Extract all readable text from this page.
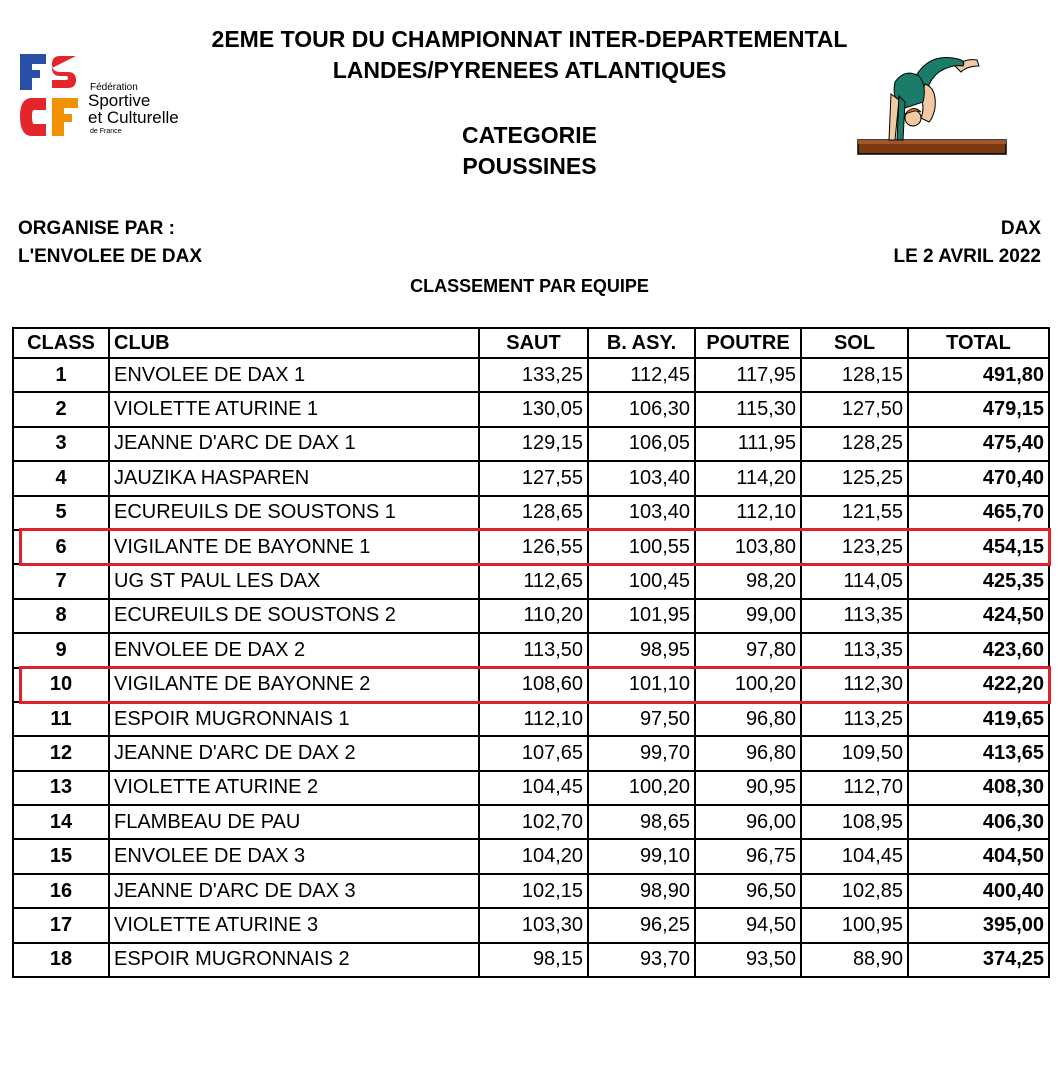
Fédération
Sportive
et Culturelle
de France
2EME TOUR DU CHAMPIONNAT INTER-DEPARTEMENTAL
LANDES/PYRENEES ATLANTIQUES
CATEGORIE
POUSSINES
ORGANISE PAR :
L'ENVOLEE DE DAX
DAX
LE 2 AVRIL 2022
CLASSEMENT PAR EQUIPE
CLASS	CLUB	SAUT	B. ASY.	POUTRE	SOL	TOTAL
1	ENVOLEE DE DAX 1	133,25	112,45	117,95	128,15	491,80
2	VIOLETTE ATURINE 1	130,05	106,30	115,30	127,50	479,15
3	JEANNE D'ARC DE DAX 1	129,15	106,05	111,95	128,25	475,40
4	JAUZIKA HASPAREN	127,55	103,40	114,20	125,25	470,40
5	ECUREUILS DE SOUSTONS 1	128,65	103,40	112,10	121,55	465,70
6	VIGILANTE DE BAYONNE 1	126,55	100,55	103,80	123,25	454,15
7	UG ST PAUL LES DAX	112,65	100,45	98,20	114,05	425,35
8	ECUREUILS DE SOUSTONS 2	110,20	101,95	99,00	113,35	424,50
9	ENVOLEE DE DAX 2	113,50	98,95	97,80	113,35	423,60
10	VIGILANTE DE BAYONNE 2	108,60	101,10	100,20	112,30	422,20
11	ESPOIR MUGRONNAIS 1	112,10	97,50	96,80	113,25	419,65
12	JEANNE D'ARC DE DAX 2	107,65	99,70	96,80	109,50	413,65
13	VIOLETTE ATURINE 2	104,45	100,20	90,95	112,70	408,30
14	FLAMBEAU DE PAU	102,70	98,65	96,00	108,95	406,30
15	ENVOLEE DE DAX 3	104,20	99,10	96,75	104,45	404,50
16	JEANNE D'ARC DE DAX 3	102,15	98,90	96,50	102,85	400,40
17	VIOLETTE ATURINE 3	103,30	96,25	94,50	100,95	395,00
18	ESPOIR MUGRONNAIS 2	98,15	93,70	93,50	88,90	374,25
